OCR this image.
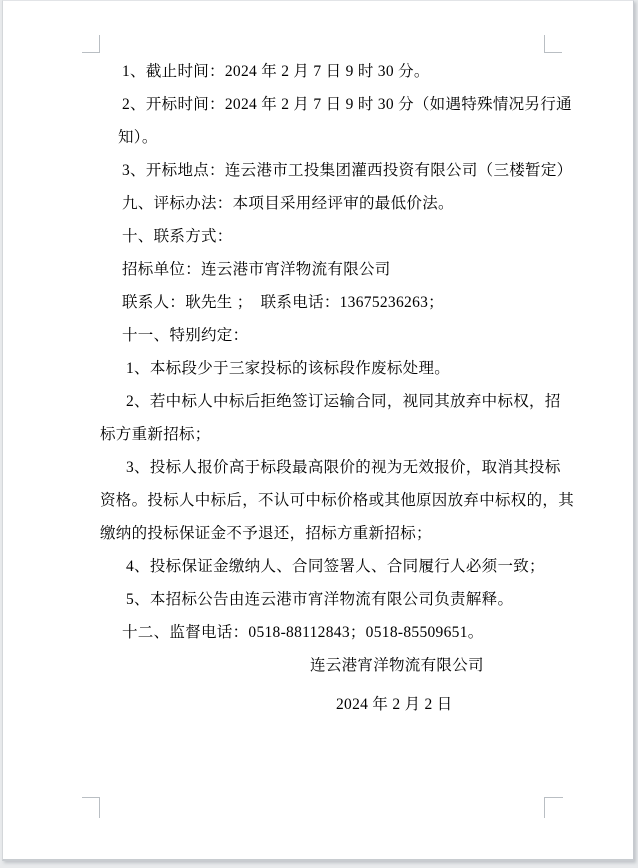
1、截止时间：2024 年 2 月 7 日 9 时 30 分。
2、开标时间：2024 年 2 月 7 日 9 时 30 分（如遇特殊情况另行通
知）。
3、开标地点：连云港市工投集团灌西投资有限公司（三楼暂定）
九、评标办法：本项目采用经评审的最低价法。
十、联系方式：
招标单位：连云港市宵洋物流有限公司
联系人：耿先生 ；　联系电话：13675236263；
十一、特别约定：
1、本标段少于三家投标的该标段作废标处理。
2、若中标人中标后拒绝签订运输合同，视同其放弃中标权，招
标方重新招标；
3、投标人报价高于标段最高限价的视为无效报价，取消其投标
资格。投标人中标后，不认可中标价格或其他原因放弃中标权的，其
缴纳的投标保证金不予退还，招标方重新招标；
4、投标保证金缴纳人、合同签署人、合同履行人必须一致；
5、本招标公告由连云港市宵洋物流有限公司负责解释。
十二、监督电话：0518-88112843；0518-85509651。
连云港宵洋物流有限公司
2024 年 2 月 2 日
